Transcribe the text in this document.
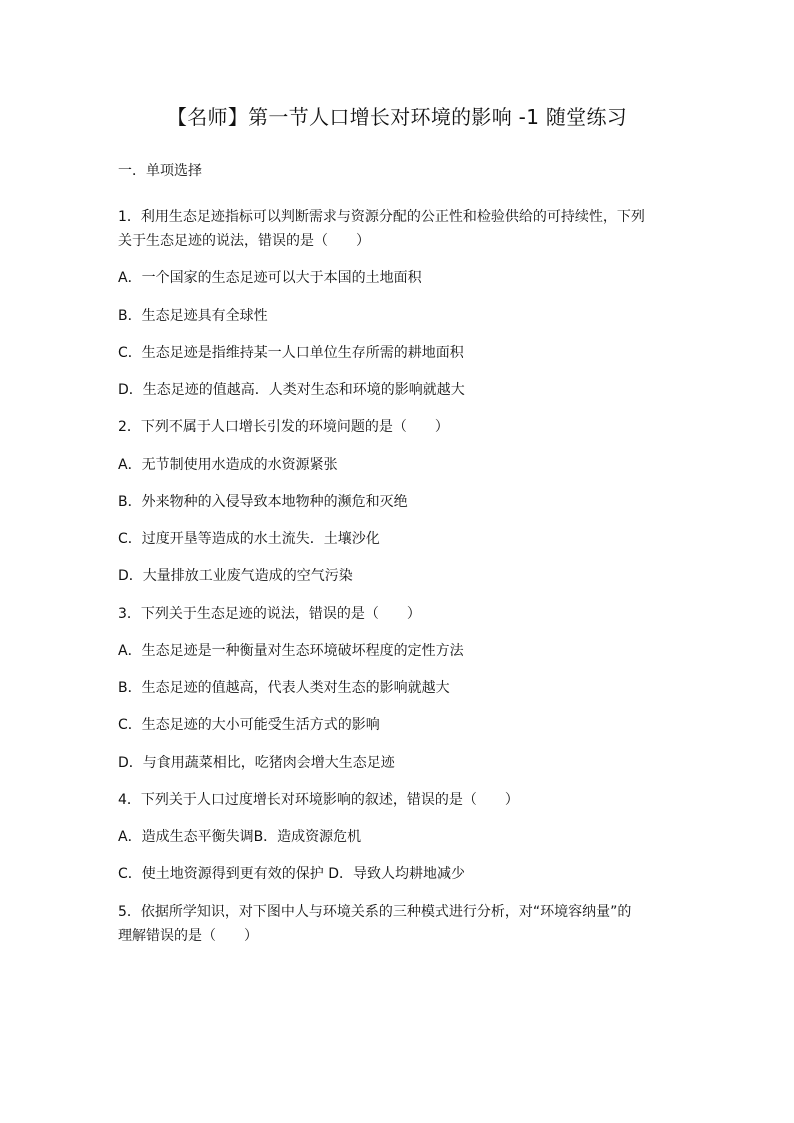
【名师】第一节人口增长对环境的影响 -1 随堂练习
一．单项选择

1．利用生态足迹指标可以判断需求与资源分配的公正性和检验供给的可持续性，下列

关于生态足迹的说法，错误的是（　　）

A．一个国家的生态足迹可以大于本国的土地面积

B．生态足迹具有全球性

C．生态足迹是指维持某一人口单位生存所需的耕地面积

D．生态足迹的值越高．人类对生态和环境的影响就越大

2．下列不属于人口增长引发的环境问题的是（　　）

A．无节制使用水造成的水资源紧张

B．外来物种的入侵导致本地物种的濒危和灭绝

C．过度开垦等造成的水土流失．土壤沙化

D．大量排放工业废气造成的空气污染

3．下列关于生态足迹的说法，错误的是（　　）

A．生态足迹是一种衡量对生态环境破坏程度的定性方法

B．生态足迹的值越高，代表人类对生态的影响就越大

C．生态足迹的大小可能受生活方式的影响

D．与食用蔬菜相比，吃猪肉会增大生态足迹

4．下列关于人口过度增长对环境影响的叙述，错误的是（　　）

A．造成生态平衡失调B．造成资源危机

C．使土地资源得到更有效的保护 D．导致人均耕地减少

5．依据所学知识，对下图中人与环境关系的三种模式进行分析，对“环境容纳量”的

理解错误的是（　　）
